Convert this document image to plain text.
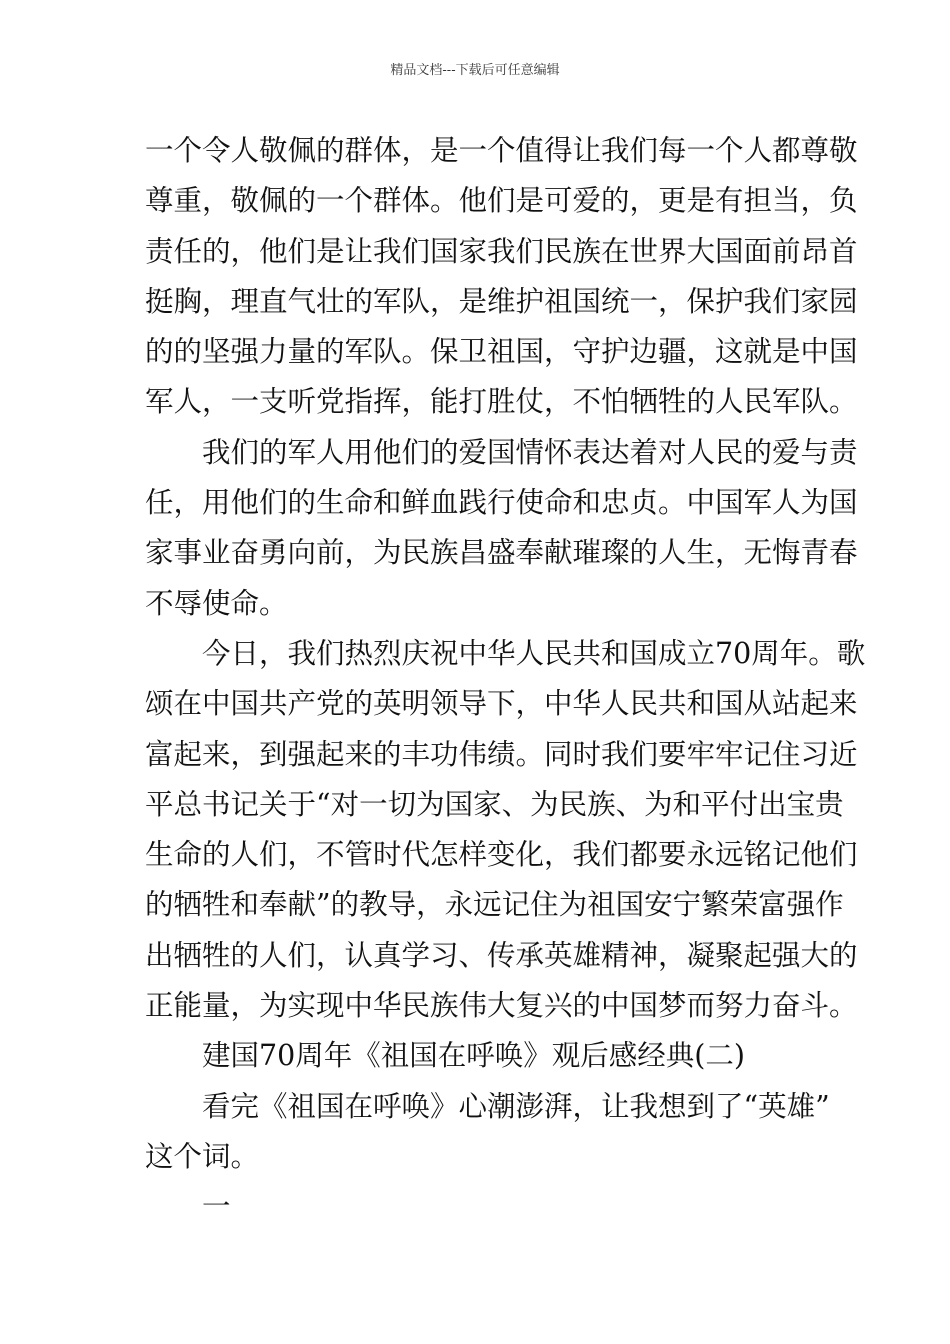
精品文档---下载后可任意编辑
一个令人敬佩的群体，是一个值得让我们每一个人都尊敬
尊重，敬佩的一个群体。他们是可爱的，更是有担当，负
责任的，他们是让我们国家我们民族在世界大国面前昂首
挺胸，理直气壮的军队，是维护祖国统一，保护我们家园
的的坚强力量的军队。保卫祖国，守护边疆，这就是中国
军人，一支听党指挥，能打胜仗，不怕牺牲的人民军队。
我们的军人用他们的爱国情怀表达着对人民的爱与责
任，用他们的生命和鲜血践行使命和忠贞。中国军人为国
家事业奋勇向前，为民族昌盛奉献璀璨的人生，无悔青春
不辱使命。
今日，我们热烈庆祝中华人民共和国成立70周年。歌
颂在中国共产党的英明领导下，中华人民共和国从站起来
富起来，到强起来的丰功伟绩。同时我们要牢牢记住习近
平总书记关于“对一切为国家、为民族、为和平付出宝贵
生命的人们，不管时代怎样变化，我们都要永远铭记他们
的牺牲和奉献”的教导，永远记住为祖国安宁繁荣富强作
出牺牲的人们，认真学习、传承英雄精神，凝聚起强大的
正能量，为实现中华民族伟大复兴的中国梦而努力奋斗。
建国70周年《祖国在呼唤》观后感经典(二)
看完《祖国在呼唤》心潮澎湃，让我想到了“英雄”
这个词。
一
